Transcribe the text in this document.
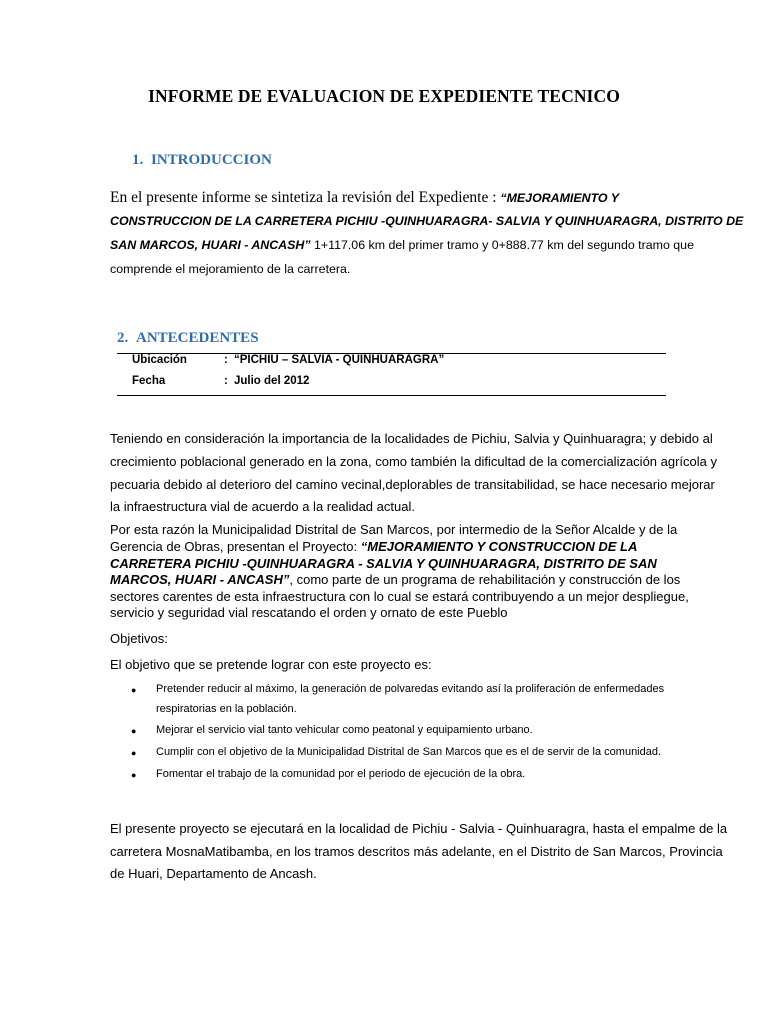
INFORME DE EVALUACION DE EXPEDIENTE TECNICO
1. INTRODUCCION
En el presente informe se sintetiza la revisión del Expediente : “MEJORAMIENTO Y
CONSTRUCCION DE LA CARRETERA PICHIU -QUINHUARAGRA- SALVIA Y QUINHUARAGRA, DISTRITO DE
SAN MARCOS, HUARI - ANCASH” 1+117.06 km del primer tramo y 0+888.77 km del segundo tramo que
comprende el mejoramiento de la carretera.
2. ANTECEDENTES
Ubicación	: “PICHIU – SALVIA - QUINHUARAGRA”
Fecha	: Julio del 2012
Teniendo en consideración la importancia de la localidades de Pichiu, Salvia y Quinhuaragra; y debido al
crecimiento poblacional generado en la zona, como también la dificultad de la comercialización agrícola y
pecuaria debido al deterioro del camino vecinal,deplorables de transitabilidad, se hace necesario mejorar
la infraestructura vial de acuerdo a la realidad actual.
Por esta razón la Municipalidad Distrital de San Marcos, por intermedio de la Señor Alcalde y de la
Gerencia de Obras, presentan el Proyecto: “MEJORAMIENTO Y CONSTRUCCION DE LA
CARRETERA PICHIU -QUINHUARAGRA - SALVIA Y QUINHUARAGRA, DISTRITO DE SAN
MARCOS, HUARI - ANCASH”, como parte de un programa de rehabilitación y construcción de los
sectores carentes de esta infraestructura con lo cual se estará contribuyendo a un mejor despliegue,
servicio y seguridad vial rescatando el orden y ornato de este Pueblo
Objetivos:
El objetivo que se pretende lograr con este proyecto es:
● Pretender reducir al máximo, la generación de polvaredas evitando así la proliferación de enfermedades
respiratorias en la población.
● Mejorar el servicio vial tanto vehicular como peatonal y equipamiento urbano.
● Cumplir con el objetivo de la Municipalidad Distrital de San Marcos que es el de servir de la comunidad.
● Fomentar el trabajo de la comunidad por el periodo de ejecución de la obra.
El presente proyecto se ejecutará en la localidad de Pichiu - Salvia - Quinhuaragra, hasta el empalme de la
carretera MosnaMatibamba, en los tramos descritos más adelante, en el Distrito de San Marcos, Provincia
de Huari, Departamento de Ancash.
